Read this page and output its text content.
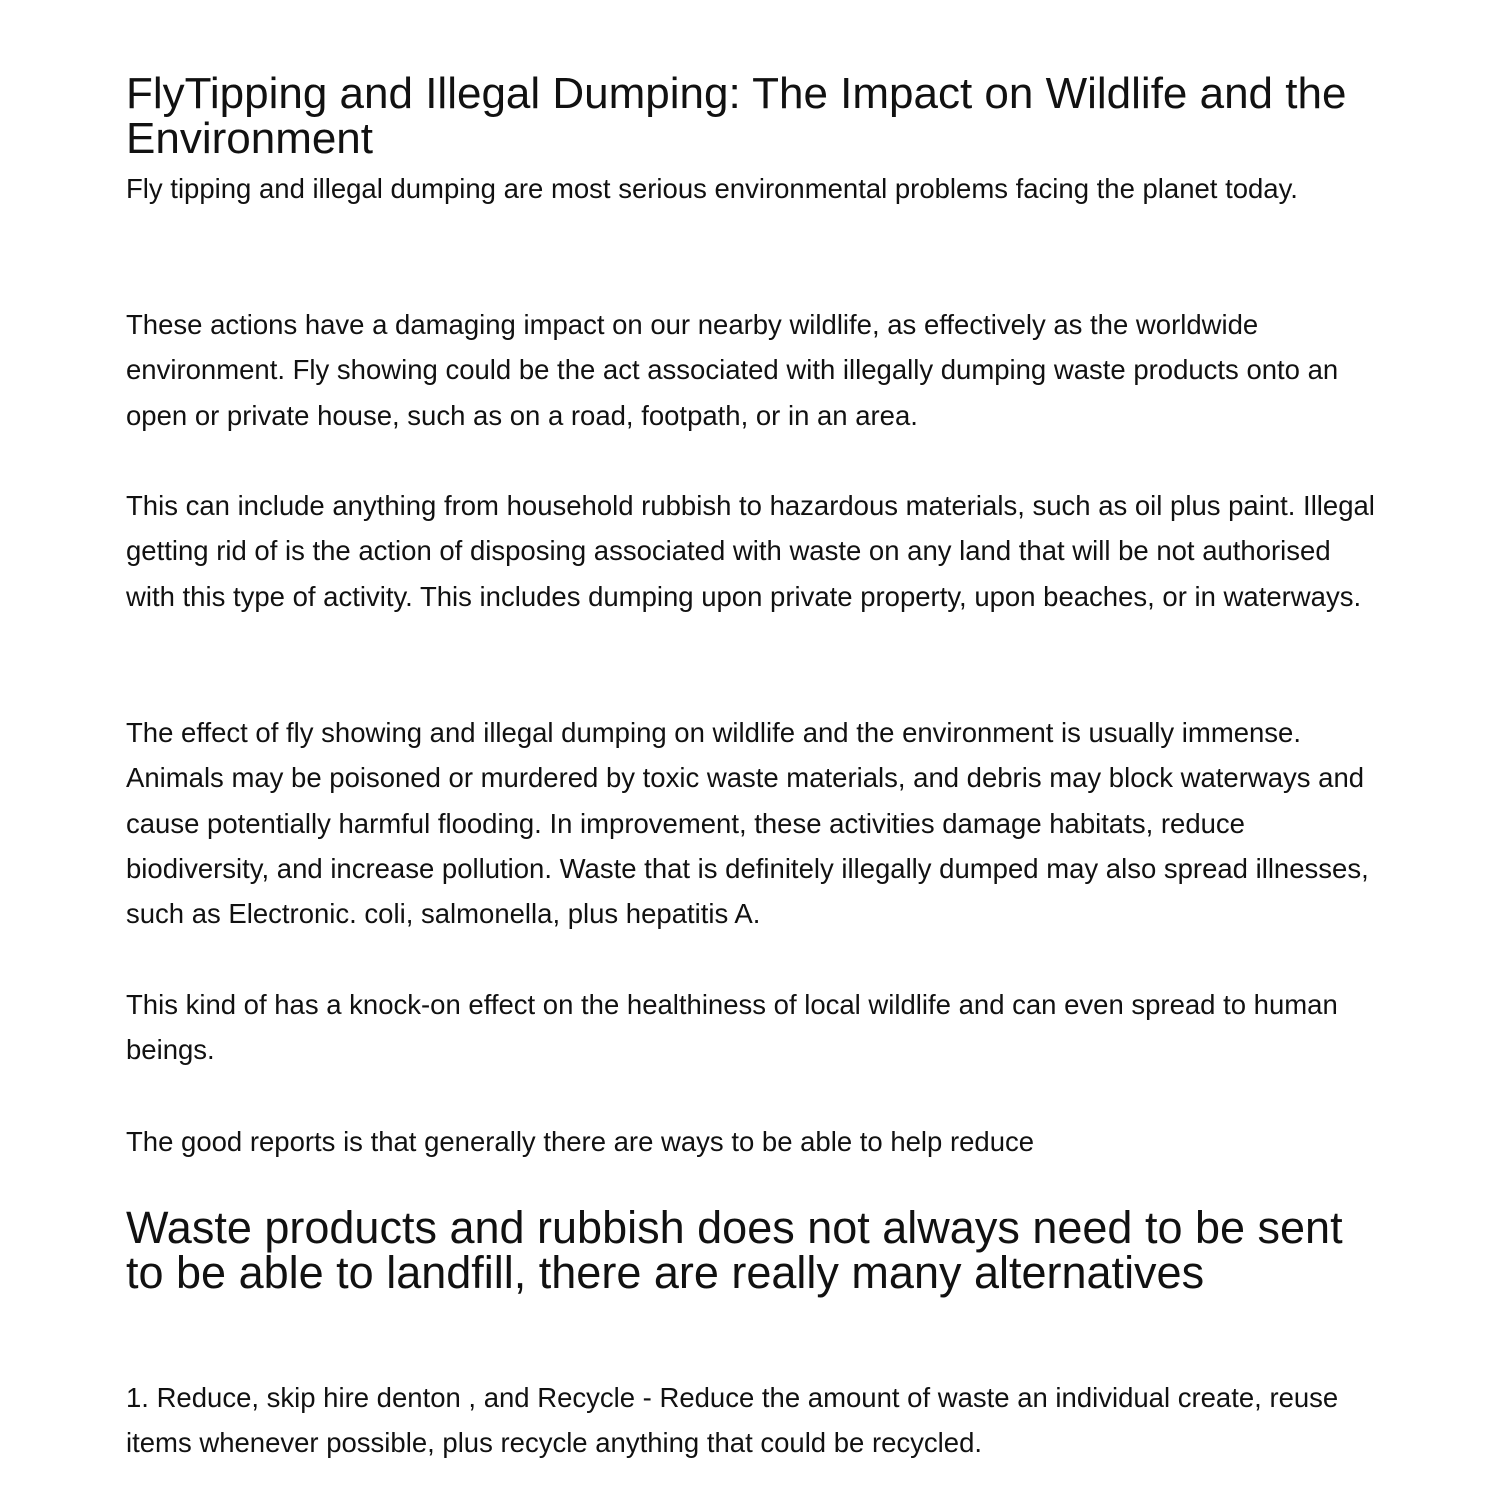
FlyTipping and Illegal Dumping: The Impact on Wildlife and the Environment

Fly tipping and illegal dumping are most serious environmental problems facing the planet today.

These actions have a damaging impact on our nearby wildlife, as effectively as the worldwide environment. Fly showing could be the act associated with illegally dumping waste products onto an open or private house, such as on a road, footpath, or in an area.

This can include anything from household rubbish to hazardous materials, such as oil plus paint. Illegal getting rid of is the action of disposing associated with waste on any land that will be not authorised with this type of activity. This includes dumping upon private property, upon beaches, or in waterways.

The effect of fly showing and illegal dumping on wildlife and the environment is usually immense. Animals may be poisoned or murdered by toxic waste materials, and debris may block waterways and cause potentially harmful flooding. In improvement, these activities damage habitats, reduce biodiversity, and increase pollution. Waste that is definitely illegally dumped may also spread illnesses, such as Electronic. coli, salmonella, plus hepatitis A.

This kind of has a knock-on effect on the healthiness of local wildlife and can even spread to human beings.

The good reports is that generally there are ways to be able to help reduce

Waste products and rubbish does not always need to be sent to be able to landfill, there are really many alternatives

1. Reduce, skip hire denton , and Recycle - Reduce the amount of waste an individual create, reuse items whenever possible, plus recycle anything that could be recycled.
